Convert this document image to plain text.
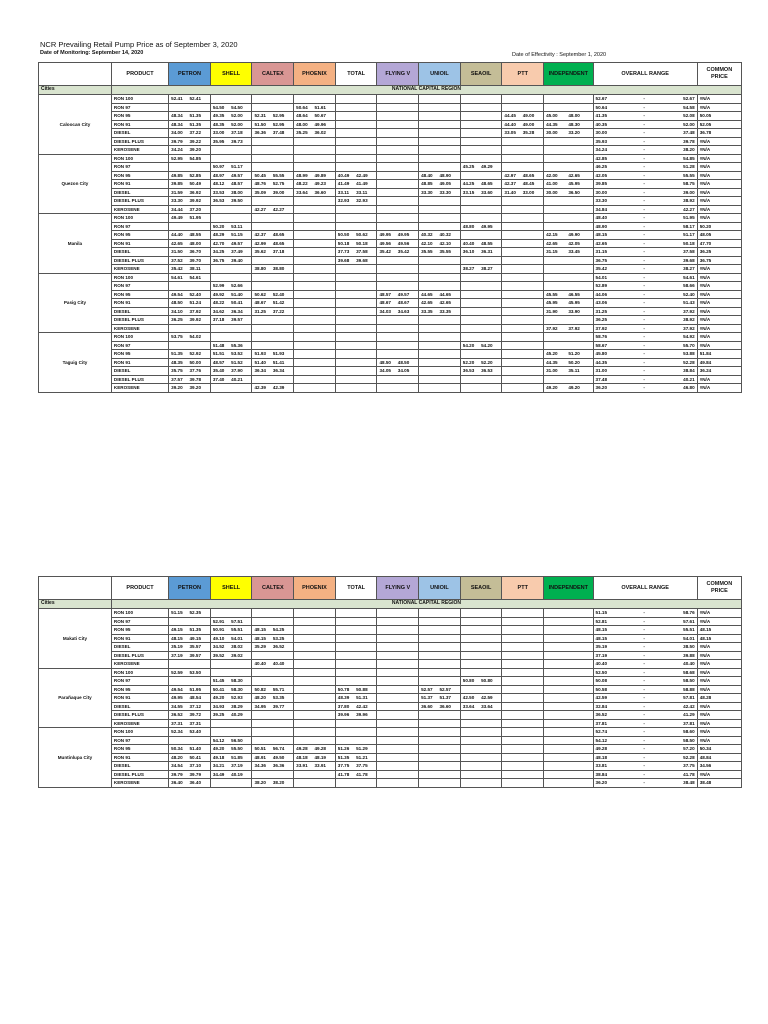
NCR Prevailing Retail Pump Price as of September 3, 2020
Date of Monitoring: September 14, 2020	Date of Effectivity : September 1, 2020
	PRODUCT	PETRON	SHELL	CALTEX	PHOENIX	TOTAL	FLYING V	UNIOIL	SEAOIL	PTT	INDEPENDENT	OVERALL RANGE	COMMON PRICE
Cities	NATIONAL CAPITAL REGION												
Caloocan City	RON 100	52.41 52.41										52.67 - 52.67	#N/A
	RON 97		54.50 54.50		50.64 51.61							50.64 - 54.58	#N/A
	RON 95	48.34 51.35	49.35 52.00	52.31 52.95	48.64 50.67					44.45 49.00	45.00 48.00	41.35 - 52.08	50.05
	RON 91	48.34 51.35	48.35 52.00	51.50 52.95	48.00 49.96					44.40 49.00	44.35 48.30	40.35 - 52.00	52.05
	DIESEL	34.00 37.22	33.00 37.18	36.36 37.48	35.25 36.02					33.05 35.28	30.00 33.20	30.00 - 37.48	36.78
	DIESEL PLUS	39.79 39.22	35.95 39.73									35.93 - 39.78	#N/A
	KEROSENE	34.24 39.20										34.24 - 38.20	#N/A
Quezon City	RON 100	52.95 54.85										42.85 - 54.85	#N/A
	RON 97		50.97 51.17						45.25 49.29			46.25 - 51.28	#N/A
	RON 95	49.85 52.85	48.97 49.57	50.45 55.55	48.99 49.89	40.49 42.49		48.40 48.90		42.97 48.65	42.00 42.65	42.05 - 55.55	#N/A
	RON 91	39.85 50.49	48.12 48.57	48.76 52.75	48.22 49.23	41.49 41.49		48.85 49.05	44.25 48.65	42.37 48.45	41.00 45.95	39.85 - 58.75	#N/A
	DIESEL	31.59 36.92	33.53 38.00	35.09 39.00	33.64 36.60	33.11 33.11		33.30 33.30	33.15 33.60	31.40 33.00	30.00 36.50	30.00 - 39.00	#N/A
	DIESEL PLUS	33.30 39.92	36.53 39.50			32.93 32.93						33.30 - 38.92	#N/A
	KEROSENE	34.44 37.20		42.27 42.27								34.84 - 42.27	#N/A
Manila	RON 100	49.49 51.95										48.40 - 51.95	#N/A
	RON 97		50.20 53.11						48.80 49.95			48.90 - 58.17	50.20
	RON 95	44.40 48.55	48.29 51.15	42.37 48.65		50.50 50.62	49.95 49.95	40.32 40.32			42.15 49.90	48.15 - 51.17	48.05
	RON 91	42.65 48.00	42.70 49.57	42.99 48.65		50.18 50.18	49.56 49.56	42.10 42.10	40.40 48.55		42.65 42.05	42.65 - 50.18	47.70
	DIESEL	31.50 36.70	34.25 37.49	35.62 37.18		37.73 37.58	35.42 35.42	35.55 35.55	36.10 36.31		31.15 33.45	31.15 - 37.58	36.25
	DIESEL PLUS	37.52 39.70	36.75 39.40			39.68 39.68						36.75 - 39.68	36.75
	KEROSENE	35.42 38.11		38.80 38.80					38.27 38.27			35.42 - 38.27	#N/A
Pasig City	RON 100	54.61 54.61										54.01 - 54.61	#N/A
	RON 97		52.99 52.66									52.89 - 58.66	#N/A
	RON 95	49.54 52.40	49.92 51.40	50.62 52.40			48.57 49.57	44.65 44.65			45.55 46.55	44.06 - 52.40	#N/A
	RON 91	48.50 51.24	48.22 50.41	48.67 51.42			48.67 48.67	42.65 42.65			45.95 45.95	43.06 - 51.43	#N/A
	DIESEL	34.10 37.92	34.62 36.34	31.25 37.22			34.03 34.63	33.35 33.35			31.90 33.90	31.25 - 37.92	#N/A
	DIESEL PLUS	36.25 39.92	37.18 39.57									36.25 - 38.92	#N/A
	KEROSENE										37.92 37.92	37.92 - 37.92	#N/A
Taguig City	RON 100	53.75 54.02										58.76 - 54.92	#N/A
	RON 97		51.48 55.36						54.20 54.20			58.67 - 55.70	#N/A
	RON 95	51.35 52.92	51.51 53.52	51.93 51.93							45.20 51.20	45.80 - 53.88	51.84
	RON 91	48.35 50.00	48.57 51.52	51.40 51.41			48.50 48.50		52.20 52.20		44.35 50.20	44.35 - 52.28	49.84
	DIESEL	35.75 37.76	35.40 37.90	36.34 36.34			34.05 34.05		36.53 36.53		31.00 35.11	31.00 - 38.84	36.24
	DIESEL PLUS	37.57 39.78	37.40 40.21									37.48 - 40.21	#N/A
	KEROSENE	39.20 39.20		42.39 42.39							49.20 49.20	36.20 - 46.80	#N/A
	PRODUCT	PETRON	SHELL	CALTEX	PHOENIX	TOTAL	FLYING V	UNIOIL	SEAOIL	PTT	INDEPENDENT	OVERALL RANGE	COMMON PRICE
Cities	NATIONAL CAPITAL REGION												
Makati City	RON 100	51.15 52.35										51.15 - 58.76	#N/A
	RON 97		52.91 57.51									52.81 - 57.61	#N/A
	RON 95	49.15 51.35	50.91 55.51	48.15 54.25								48.15 - 55.51	48.15
	RON 91	48.15 49.15	49.10 54.01	48.15 53.25								48.15 - 54.01	48.15
	DIESEL	35.19 35.57	34.52 38.02	35.29 36.52								35.19 - 38.50	#N/A
	DIESEL PLUS	37.19 39.57	39.52 39.02									37.19 - 39.88	#N/A
	KEROSENE			40.40 40.40								40.40 - 40.40	#N/A
Parañaque City	RON 100	52.59 53.50										52.50 - 58.68	#N/A
	RON 97		51.45 58.30						50.80 50.80			50.08 - 58.50	#N/A
	RON 95	49.54 51.95	50.41 58.30	50.82 55.71		50.78 50.88		52.57 52.57				50.58 - 58.88	#N/A
	RON 91	49.95 48.54	49.20 52.93	48.20 53.35		48.39 51.31		51.37 51.37	42.50 42.59			42.59 - 57.81	48.28
	DIESEL	34.55 37.12	34.93 38.29	34.95 39.77		37.80 42.42		36.60 36.60	33.64 33.64			32.84 - 42.42	#N/A
	DIESEL PLUS	36.52 39.72	39.25 40.29			39.96 39.96						36.52 - 41.29	#N/A
	KEROSENE	37.31 37.31										37.81 - 37.81	#N/A
Muntinlupa City	RON 100	52.34 53.40										52.74 - 58.60	#N/A
	RON 97		54.12 56.50									54.12 - 58.50	#N/A
	RON 95	50.34 51.40	49.20 55.50	50.51 56.74	49.28 49.28	51.26 51.29						49.28 - 57.20	50.34
	RON 91	48.20 50.41	49.18 51.85	48.91 49.50	48.18 48.19	51.35 51.21						48.18 - 52.28	48.84
	DIESEL	34.54 37.10	34.21 37.19	34.36 36.36	33.91 33.91	37.75 37.75						33.81 - 37.75	34.56
	DIESEL PLUS	39.79 39.79	34.49 40.19			41.78 41.78						38.84 - 41.78	#N/A
	KEROSENE	36.40 36.40		38.20 38.20								36.20 - 38.48	38.48
